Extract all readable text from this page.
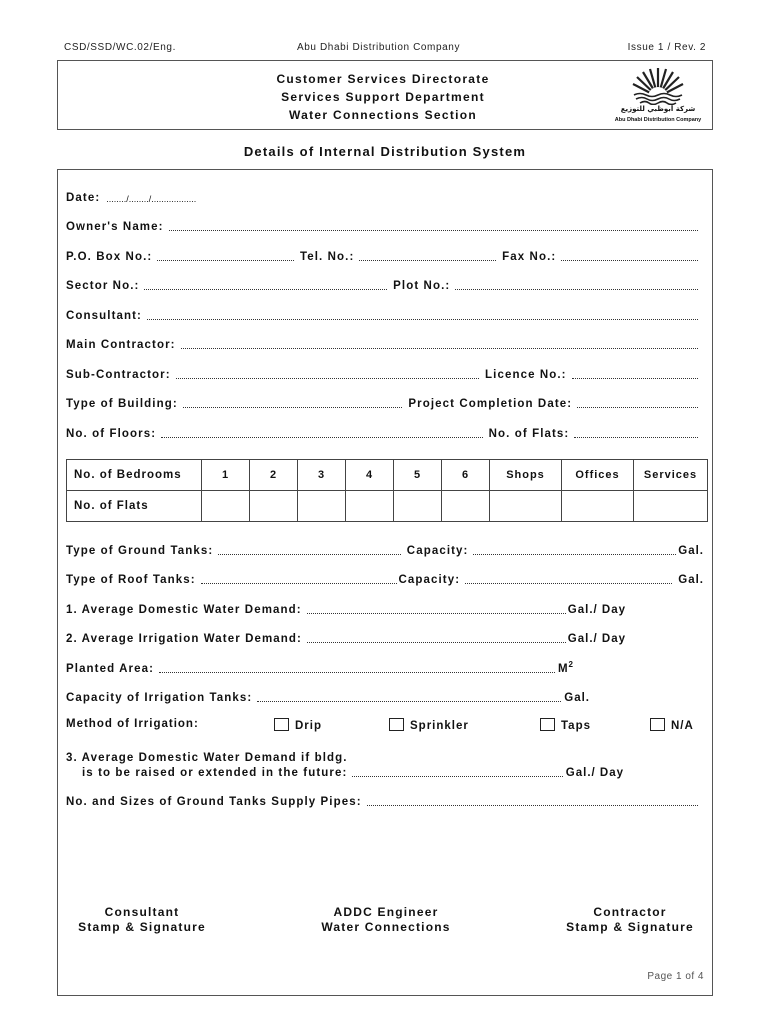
CSD/SSD/WC.02/Eng.	Abu Dhabi Distribution Company	Issue 1 / Rev. 2
Customer Services Directorate
Services Support Department
Water Connections Section	شركة أبوظبي للتوزيع
Abu Dhabi Distribution Company
Details of Internal Distribution System
Date: ......../......../..................
Owner's Name:
P.O. Box No.:	Tel. No.:	Fax No.:
Sector No.:	Plot No.:
Consultant:
Main Contractor:
Sub-Contractor:	Licence No.:
Type of Building:	Project Completion Date:
No. of Floors:	No. of Flats:
No. of Bedrooms	1	2	3	4	5	6	Shops	Offices	Services
No. of Flats									
Type of Ground Tanks:	Capacity:	Gal.
Type of Roof Tanks:	Capacity:	Gal.
1. Average Domestic Water Demand:	Gal./ Day
2. Average Irrigation Water Demand:	Gal./ Day
Planted Area:	$M^2$
Capacity of Irrigation Tanks:	Gal.
Method of Irrigation:	Drip	Sprinkler	Taps	N/A
3. Average Domestic Water Demand if bldg.
is to be raised or extended in the future:	Gal./ Day
No. and Sizes of Ground Tanks Supply Pipes:
Consultant
Stamp & Signature
ADDC Engineer
Water Connections
Contractor
Stamp & Signature
Page 1 of 4
